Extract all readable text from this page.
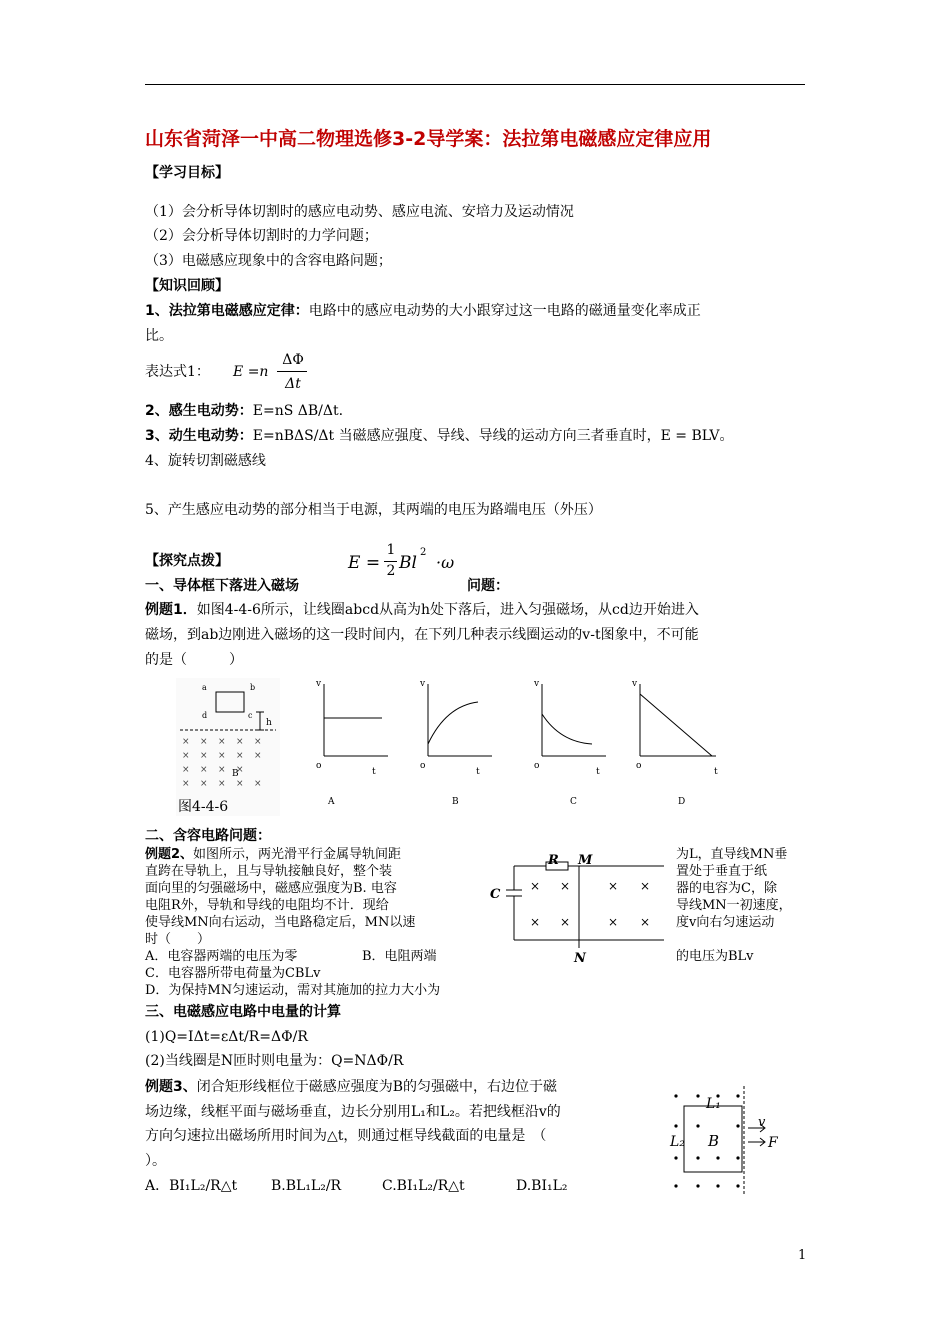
山东省菏泽一中高二物理选修3-2导学案：法拉第电磁感应定律应用
【学习目标】
（1）会分析导体切割时的感应电动势、感应电流、安培力及运动情况
（2）会分析导体切割时的力学问题；
（3）电磁感应现象中的含容电路问题；
【知识回顾】
1、法拉第电磁感应定律：电路中的感应电动势的大小跟穿过这一电路的磁通量变化率成正
比。
表达式1： E =n
ΔΦ
Δt
2、感生电动势：E=nS ΔB/Δt.
3、动生电动势：E=nBΔS/Δt 当磁感应强度、导线、导线的运动方向三者垂直时，E = BLV。
4、旋转切割磁感线
5、产生感应电动势的部分相当于电源，其两端的电压为路端电压（外压）
【探究点拨】	E =
1
2 Bl
2
·ω
一、导体框下落进入磁场	问题：
例题1．如图4-4-6所示，让线圈abcd从高为h处下落后，进入匀强磁场，从cd边开始进入
磁场，到ab边刚进入磁场的这一段时间内，在下列几种表示线圈运动的v-t图象中，不可能
的是（　　　）
a	b
d	c
h
× × × × ×
× × × × ×
× × × ×
× × × × ×
B
图4-4-6
v
o
t
A
v
o
t
B
v
o
t
C
v
o
t
D
二、含容电路问题：
例题2、如图所示，两光滑平行金属导轨间距
直跨在导轨上，且与导轨接触良好，整个装
面向里的匀强磁场中，磁感应强度为B. 电容
电阻R外，导轨和导线的电阻均不计．现给
使导线MN向右运动，当电路稳定后，MN以速
时（　　）
为L，直导线MN垂
置处于垂直于纸
器的电容为C，除
导线MN一初速度，
度v向右匀速运动
R M
C
N
× ×	× ×
× ×	× ×
A．电容器两端的电压为零	B．电阻两端	的电压为BLv
C．电容器所带电荷量为CBLv
D．为保持MN匀速运动，需对其施加的拉力大小为
三、电磁感应电路中电量的计算
(1)Q=IΔt=εΔt/R=ΔΦ/R
(2)当线圈是N匝时则电量为：Q=NΔΦ/R
例题3、闭合矩形线框位于磁感应强度为B的匀强磁中，右边位于磁
场边缘，线框平面与磁场垂直，边长分别用L₁和L₂。若把线框沿v的
方向匀速拉出磁场所用时间为△t，则通过框导线截面的电量是　（
）。
A．BI₁L₂/R△t B.BL₁L₂/R	C.BI₁L₂/R△t	D.BI₁L₂
L₁
L₂ B
v
F
1
